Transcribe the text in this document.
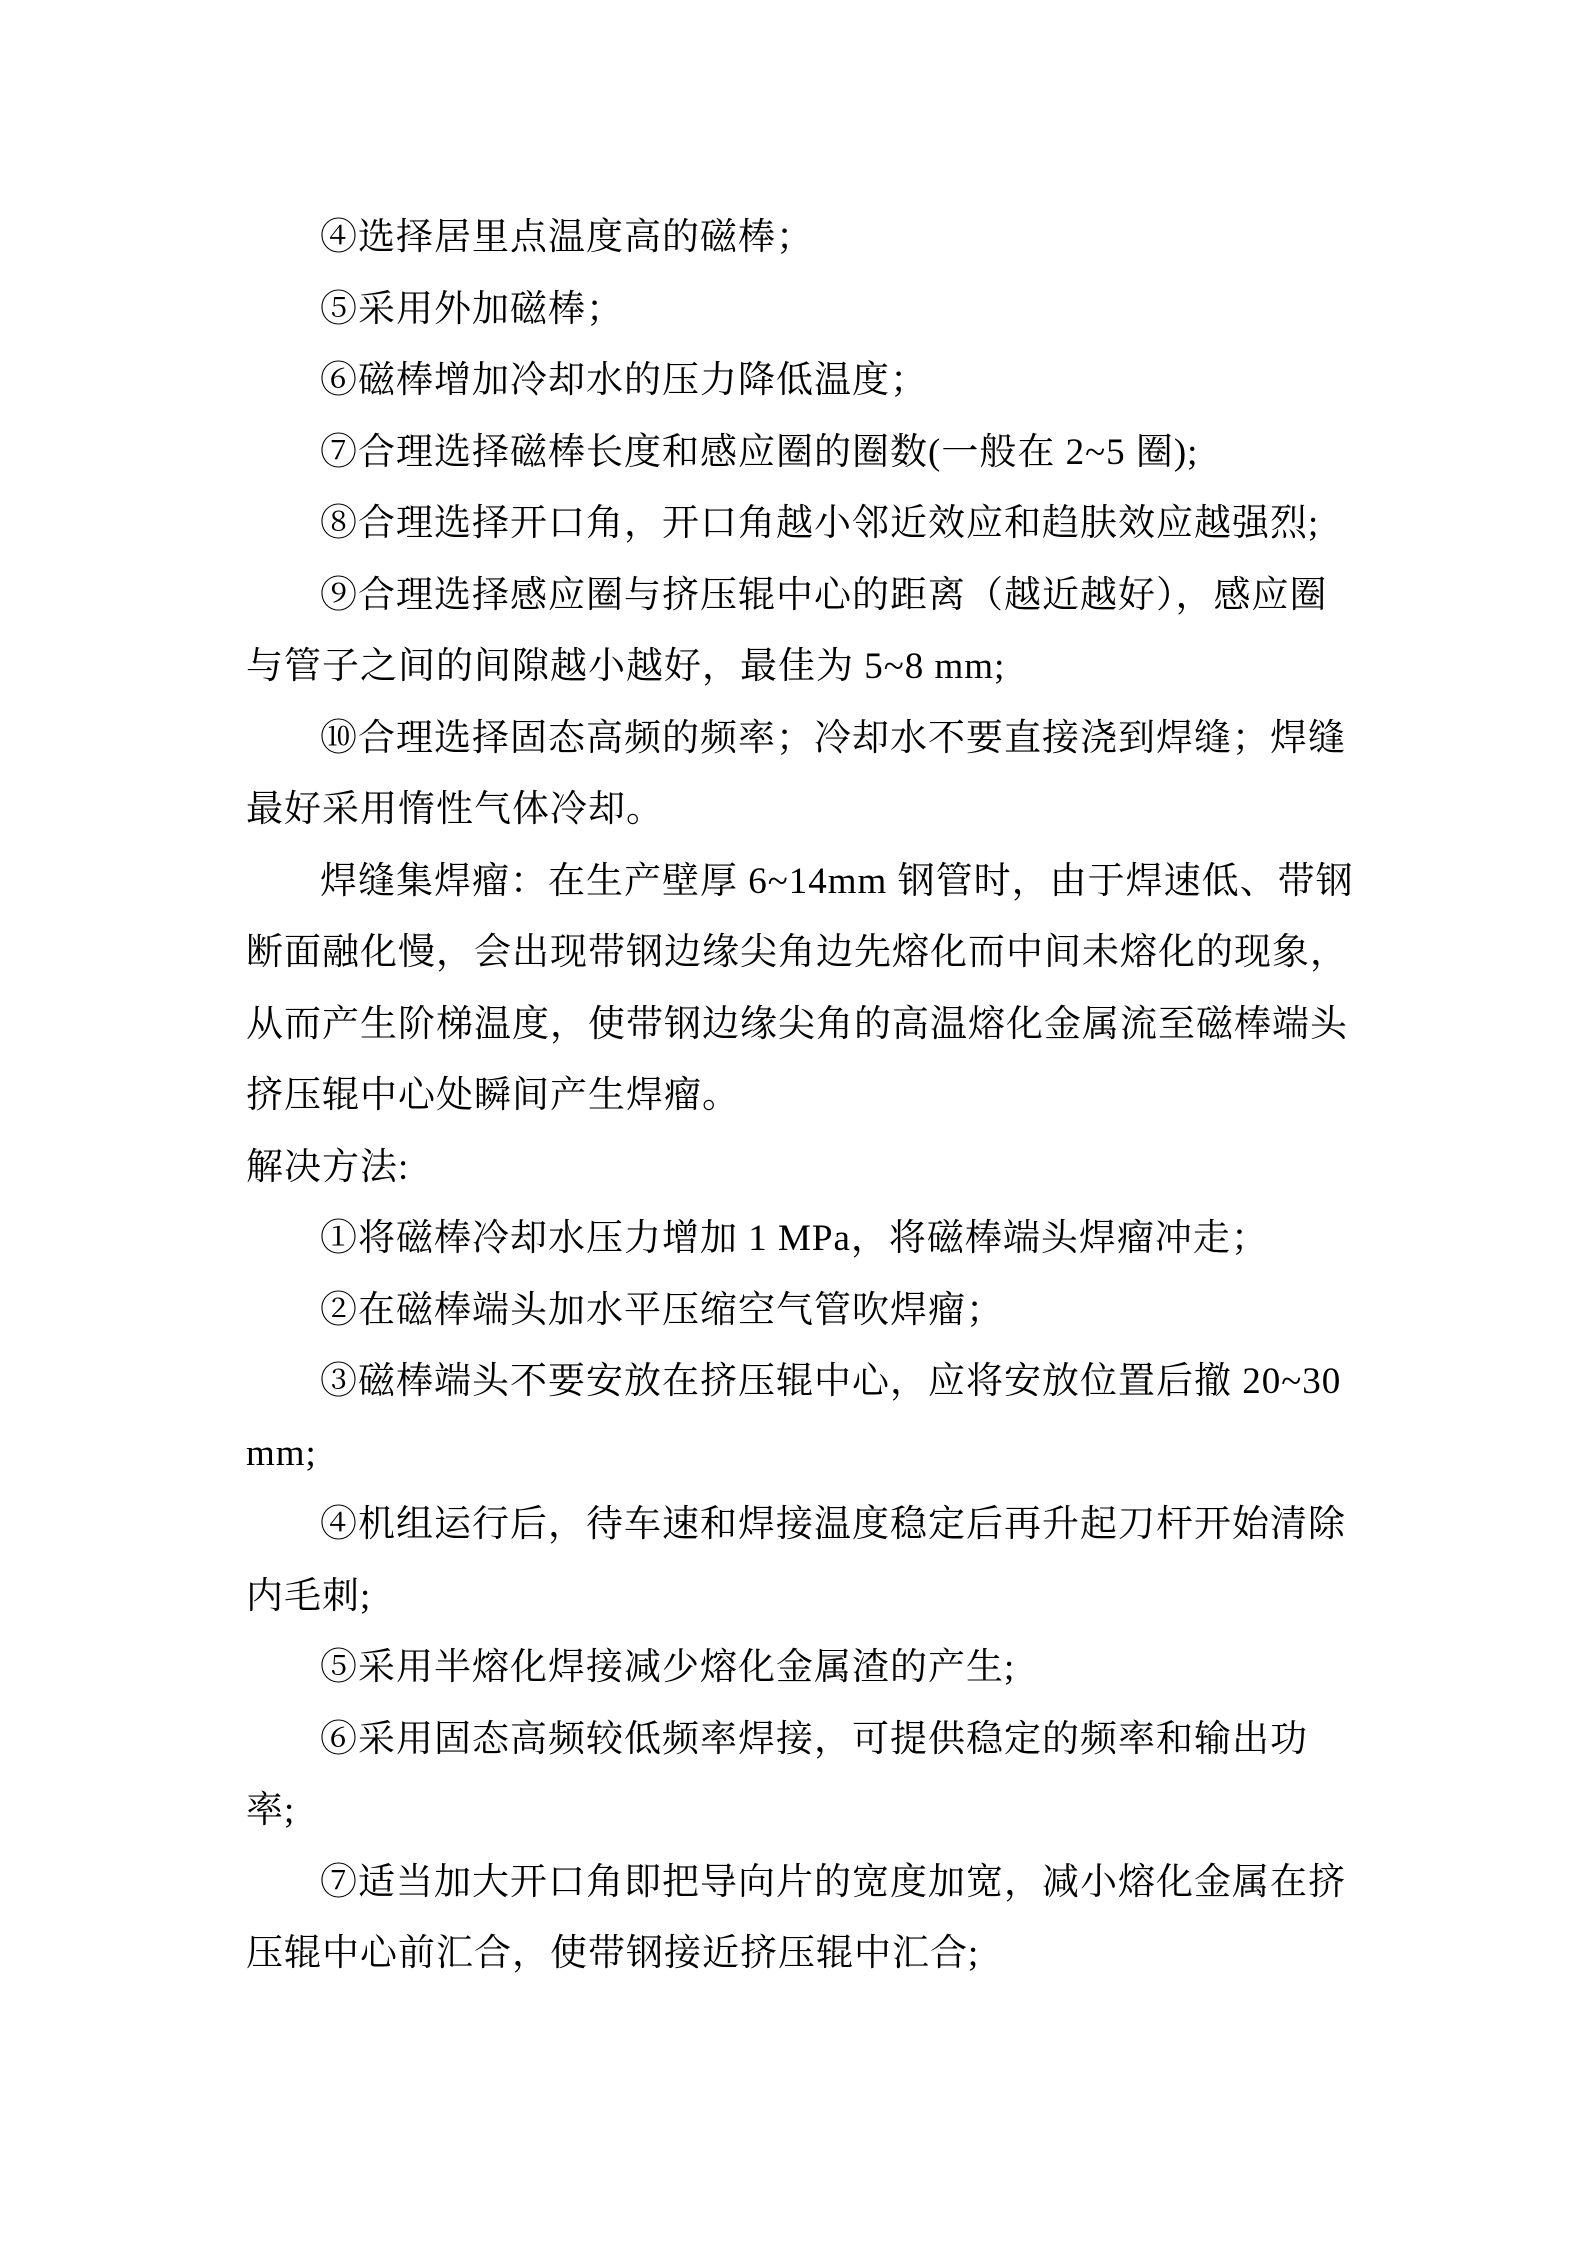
④选择居里点温度高的磁棒；
⑤采用外加磁棒；
⑥磁棒增加冷却水的压力降低温度；
⑦合理选择磁棒长度和感应圈的圈数(一般在 2~5 圈);
⑧合理选择开口角，开口角越小邻近效应和趋肤效应越强烈;
⑨合理选择感应圈与挤压辊中心的距离（越近越好），感应圈
与管子之间的间隙越小越好，最佳为 5~8 mm;
⑩合理选择固态高频的频率；冷却水不要直接浇到焊缝；焊缝
最好采用惰性气体冷却。
焊缝集焊瘤：在生产壁厚 6~14mm 钢管时，由于焊速低、带钢
断面融化慢，会出现带钢边缘尖角边先熔化而中间未熔化的现象，
从而产生阶梯温度，使带钢边缘尖角的高温熔化金属流至磁棒端头
挤压辊中心处瞬间产生焊瘤。
解决方法:
①将磁棒冷却水压力增加 1 MPa，将磁棒端头焊瘤冲走；
②在磁棒端头加水平压缩空气管吹焊瘤；
③磁棒端头不要安放在挤压辊中心，应将安放位置后撤 20~30
mm;
④机组运行后，待车速和焊接温度稳定后再升起刀杆开始清除
内毛刺;
⑤采用半熔化焊接减少熔化金属渣的产生;
⑥采用固态高频较低频率焊接，可提供稳定的频率和输出功
率;
⑦适当加大开口角即把导向片的宽度加宽，减小熔化金属在挤
压辊中心前汇合，使带钢接近挤压辊中汇合;
